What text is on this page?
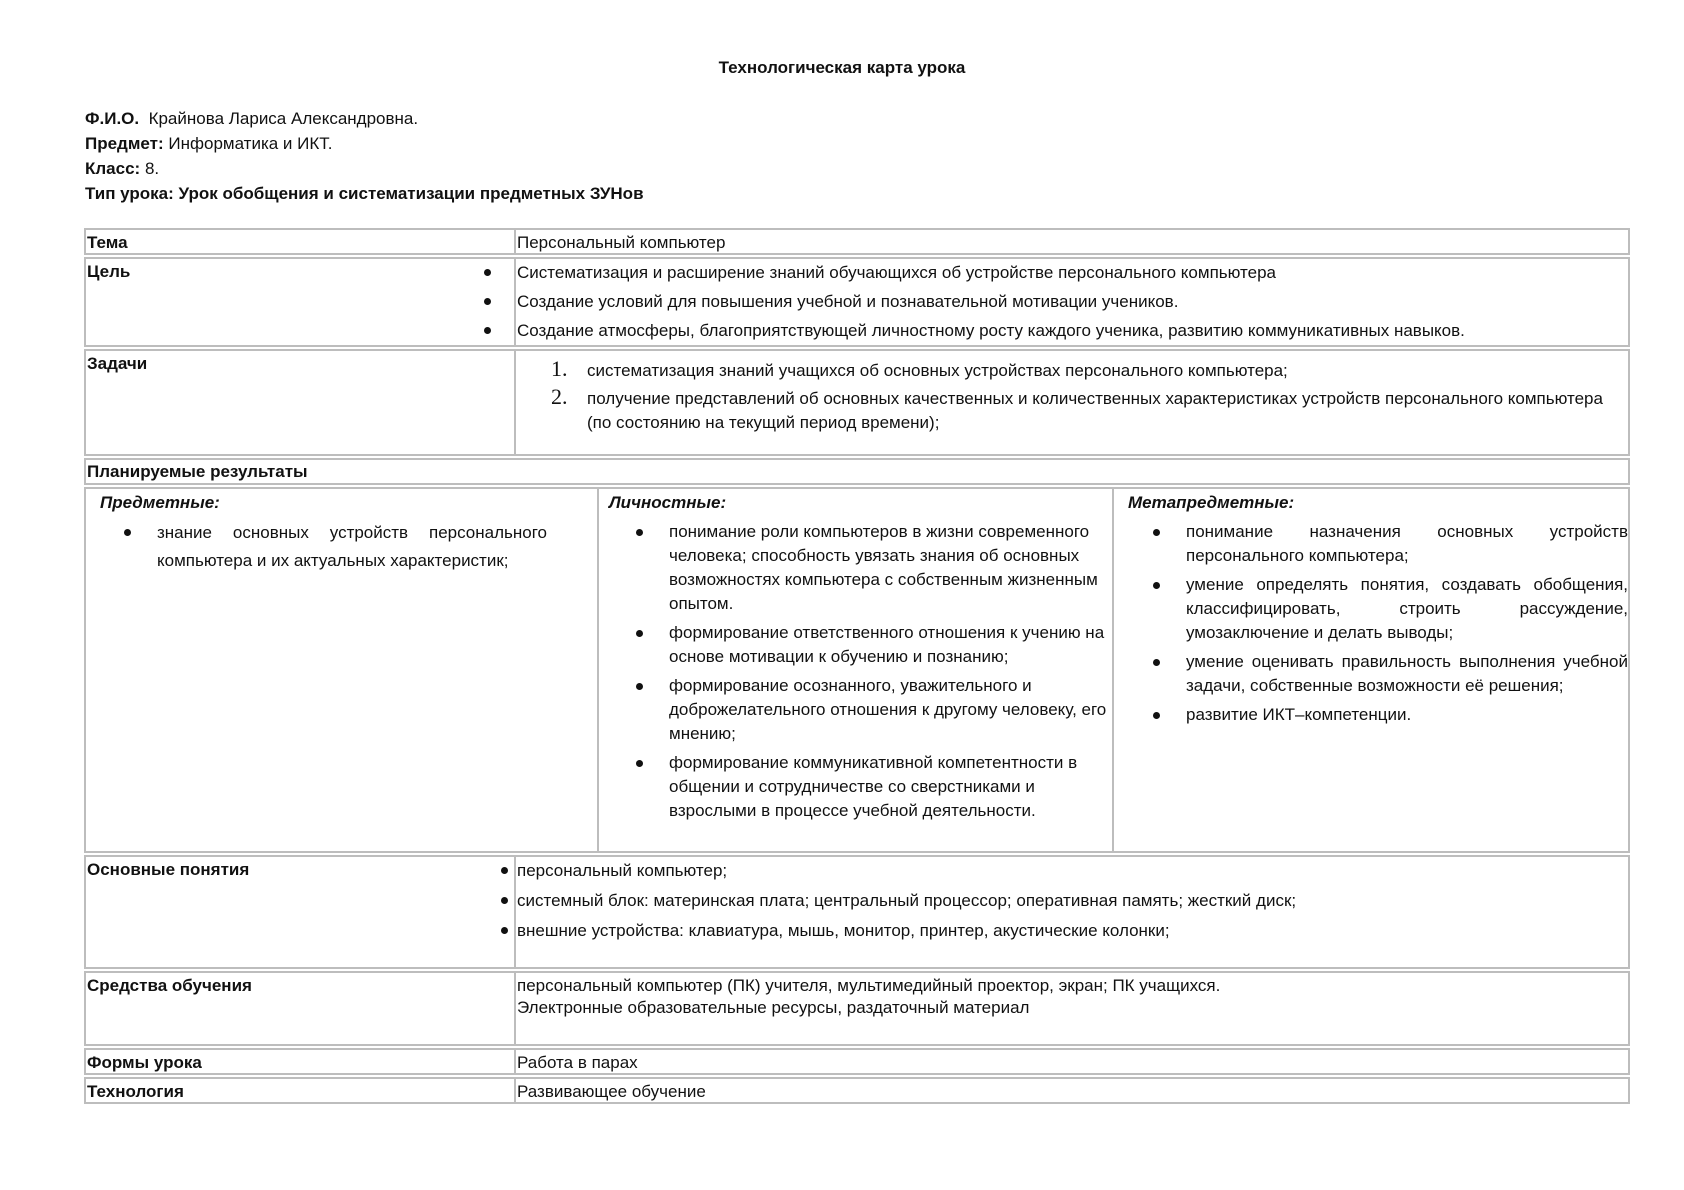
Технологическая карта урока
Ф.И.О. Крайнова Лариса Александровна.
Предмет: Информатика и ИКТ.
Класс: 8.
Тип урока: Урок обобщения и систематизации предметных ЗУНов
Тема	Персональный компьютер
Цель	Систематизация и расширение знаний обучающихся об устройстве персонального компьютера
Создание условий для повышения учебной и познавательной мотивации учеников.
Создание атмосферы, благоприятствующей личностному росту каждого ученика, развитию коммуникативных навыков.
Задачи	1. систематизация знаний учащихся об основных устройствах персонального компьютера;
2. получение представлений об основных качественных и количественных характеристиках устройств персонального компьютера (по состоянию на текущий период времени);
Планируемые результаты
Предметные:
знание основных устройств персонального компьютера и их актуальных характеристик;
Личностные:
понимание роли компьютеров в жизни современного человека; способность увязать знания об основных возможностях компьютера с собственным жизненным опытом.
формирование ответственного отношения к учению на основе мотивации к обучению и познанию;
формирование осознанного, уважительного и доброжелательного отношения к другому человеку, его мнению;
формирование коммуникативной компетентности в общении и сотрудничестве со сверстниками и взрослыми в процессе учебной деятельности.
Метапредметные:
понимание назначения основных устройств персонального компьютера;
умение определять понятия, создавать обобщения, классифицировать, строить рассуждение, умозаключение и делать выводы;
умение оценивать правильность выполнения учебной задачи, собственные возможности её решения;
развитие ИКТ–компетенции.
Основные понятия	персональный компьютер;
системный блок: материнская плата; центральный процессор; оперативная память; жесткий диск;
внешние устройства: клавиатура, мышь, монитор, принтер, акустические колонки;
Средства обучения	персональный компьютер (ПК) учителя, мультимедийный проектор, экран; ПК учащихся.
Электронные образовательные ресурсы, раздаточный материал
Формы урока	Работа в парах
Технология	Развивающее обучение
